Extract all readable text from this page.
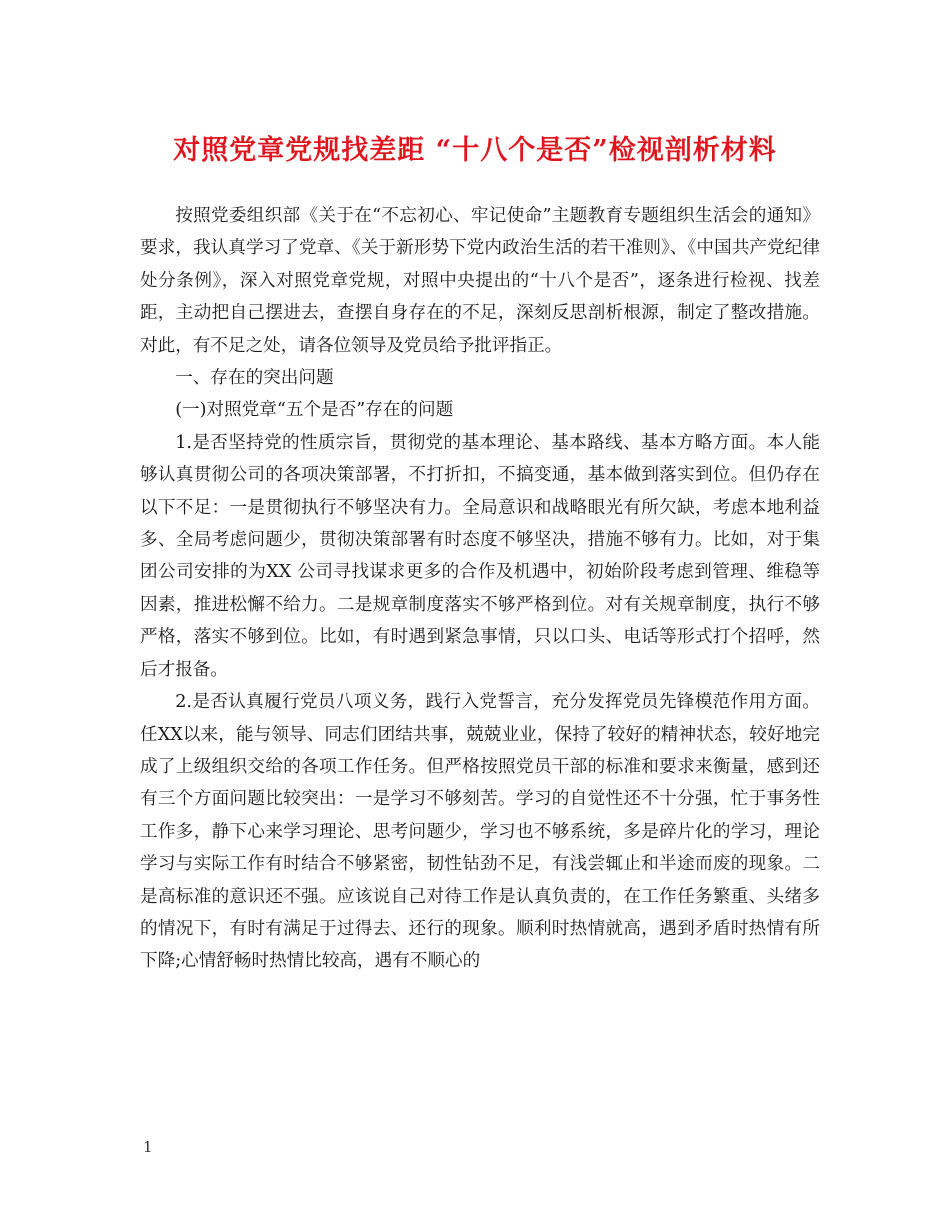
对照党章党规找差距 “十八个是否”检视剖析材料

按照党委组织部《关于在“不忘初心、牢记使命”主题教育专题组织生活会的通知》要求，我认真学习了党章、《关于新形势下党内政治生活的若干准则》、《中国共产党纪律处分条例》，深入对照党章党规，对照中央提出的“十八个是否”，逐条进行检视、找差距，主动把自己摆进去，查摆自身存在的不足，深刻反思剖析根源，制定了整改措施。对此，有不足之处，请各位领导及党员给予批评指正。

一、存在的突出问题

(一)对照党章“五个是否”存在的问题

1.是否坚持党的性质宗旨，贯彻党的基本理论、基本路线、基本方略方面。本人能够认真贯彻公司的各项决策部署，不打折扣，不搞变通，基本做到落实到位。但仍存在以下不足：一是贯彻执行不够坚决有力。全局意识和战略眼光有所欠缺，考虑本地利益多、全局考虑问题少，贯彻决策部署有时态度不够坚决，措施不够有力。比如，对于集团公司安排的为XX 公司寻找谋求更多的合作及机遇中，初始阶段考虑到管理、维稳等因素，推进松懈不给力。二是规章制度落实不够严格到位。对有关规章制度，执行不够严格，落实不够到位。比如，有时遇到紧急事情，只以口头、电话等形式打个招呼，然后才报备。

2.是否认真履行党员八项义务，践行入党誓言，充分发挥党员先锋模范作用方面。任XX以来，能与领导、同志们团结共事，兢兢业业，保持了较好的精神状态，较好地完成了上级组织交给的各项工作任务。但严格按照党员干部的标准和要求来衡量，感到还有三个方面问题比较突出：一是学习不够刻苦。学习的自觉性还不十分强，忙于事务性工作多，静下心来学习理论、思考问题少，学习也不够系统，多是碎片化的学习，理论学习与实际工作有时结合不够紧密，韧性钻劲不足，有浅尝辄止和半途而废的现象。二是高标准的意识还不强。应该说自己对待工作是认真负责的，在工作任务繁重、头绪多的情况下，有时有满足于过得去、还行的现象。顺利时热情就高，遇到矛盾时热情有所下降;心情舒畅时热情比较高，遇有不顺心的

1
